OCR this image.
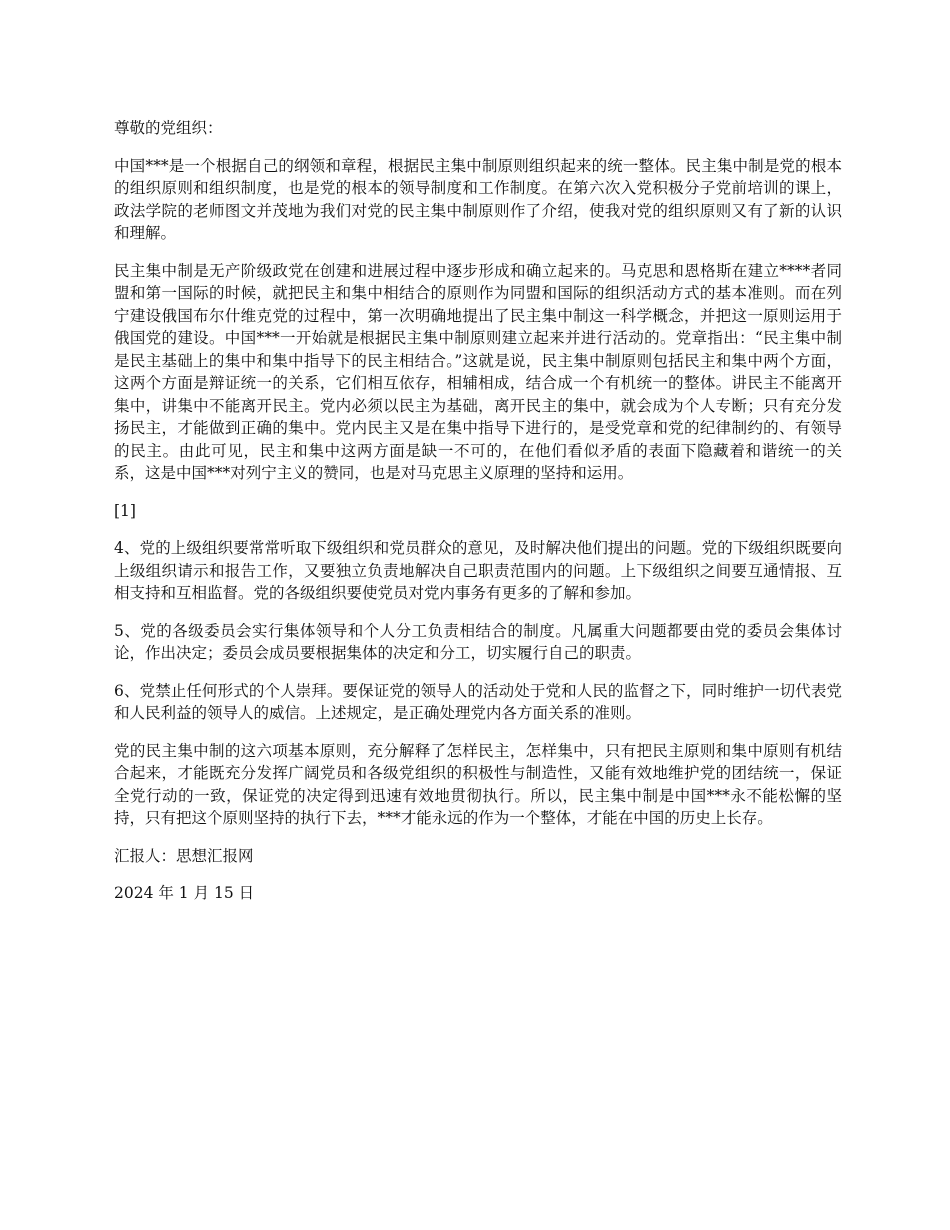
尊敬的党组织：

中国***是一个根据自己的纲领和章程，根据民主集中制原则组织起来的统一整体。民主集中制是党的根本的组织原则和组织制度，也是党的根本的领导制度和工作制度。在第六次入党积极分子党前培训的课上，政法学院的老师图文并茂地为我们对党的民主集中制原则作了介绍，使我对党的组织原则又有了新的认识和理解。

民主集中制是无产阶级政党在创建和进展过程中逐步形成和确立起来的。马克思和恩格斯在建立****者同盟和第一国际的时候，就把民主和集中相结合的原则作为同盟和国际的组织活动方式的基本准则。而在列宁建设俄国布尔什维克党的过程中，第一次明确地提出了民主集中制这一科学概念，并把这一原则运用于俄国党的建设。中国***一开始就是根据民主集中制原则建立起来并进行活动的。党章指出：“民主集中制是民主基础上的集中和集中指导下的民主相结合。”这就是说，民主集中制原则包括民主和集中两个方面，这两个方面是辩证统一的关系，它们相互依存，相辅相成，结合成一个有机统一的整体。讲民主不能离开集中，讲集中不能离开民主。党内必须以民主为基础，离开民主的集中，就会成为个人专断；只有充分发扬民主，才能做到正确的集中。党内民主又是在集中指导下进行的，是受党章和党的纪律制约的、有领导的民主。由此可见，民主和集中这两方面是缺一不可的，在他们看似矛盾的表面下隐藏着和谐统一的关系，这是中国***对列宁主义的赞同，也是对马克思主义原理的坚持和运用。

[1]

4、党的上级组织要常常听取下级组织和党员群众的意见，及时解决他们提出的问题。党的下级组织既要向上级组织请示和报告工作，又要独立负责地解决自己职责范围内的问题。上下级组织之间要互通情报、互相支持和互相监督。党的各级组织要使党员对党内事务有更多的了解和参加。

5、党的各级委员会实行集体领导和个人分工负责相结合的制度。凡属重大问题都要由党的委员会集体讨论，作出决定；委员会成员要根据集体的决定和分工，切实履行自己的职责。

6、党禁止任何形式的个人崇拜。要保证党的领导人的活动处于党和人民的监督之下，同时维护一切代表党和人民利益的领导人的威信。上述规定，是正确处理党内各方面关系的准则。

党的民主集中制的这六项基本原则，充分解释了怎样民主，怎样集中，只有把民主原则和集中原则有机结合起来，才能既充分发挥广阔党员和各级党组织的积极性与制造性，又能有效地维护党的团结统一，保证全党行动的一致，保证党的决定得到迅速有效地贯彻执行。所以，民主集中制是中国***永不能松懈的坚持，只有把这个原则坚持的执行下去，***才能永远的作为一个整体，才能在中国的历史上长存。

汇报人：思想汇报网

2024 年 1 月 15 日
